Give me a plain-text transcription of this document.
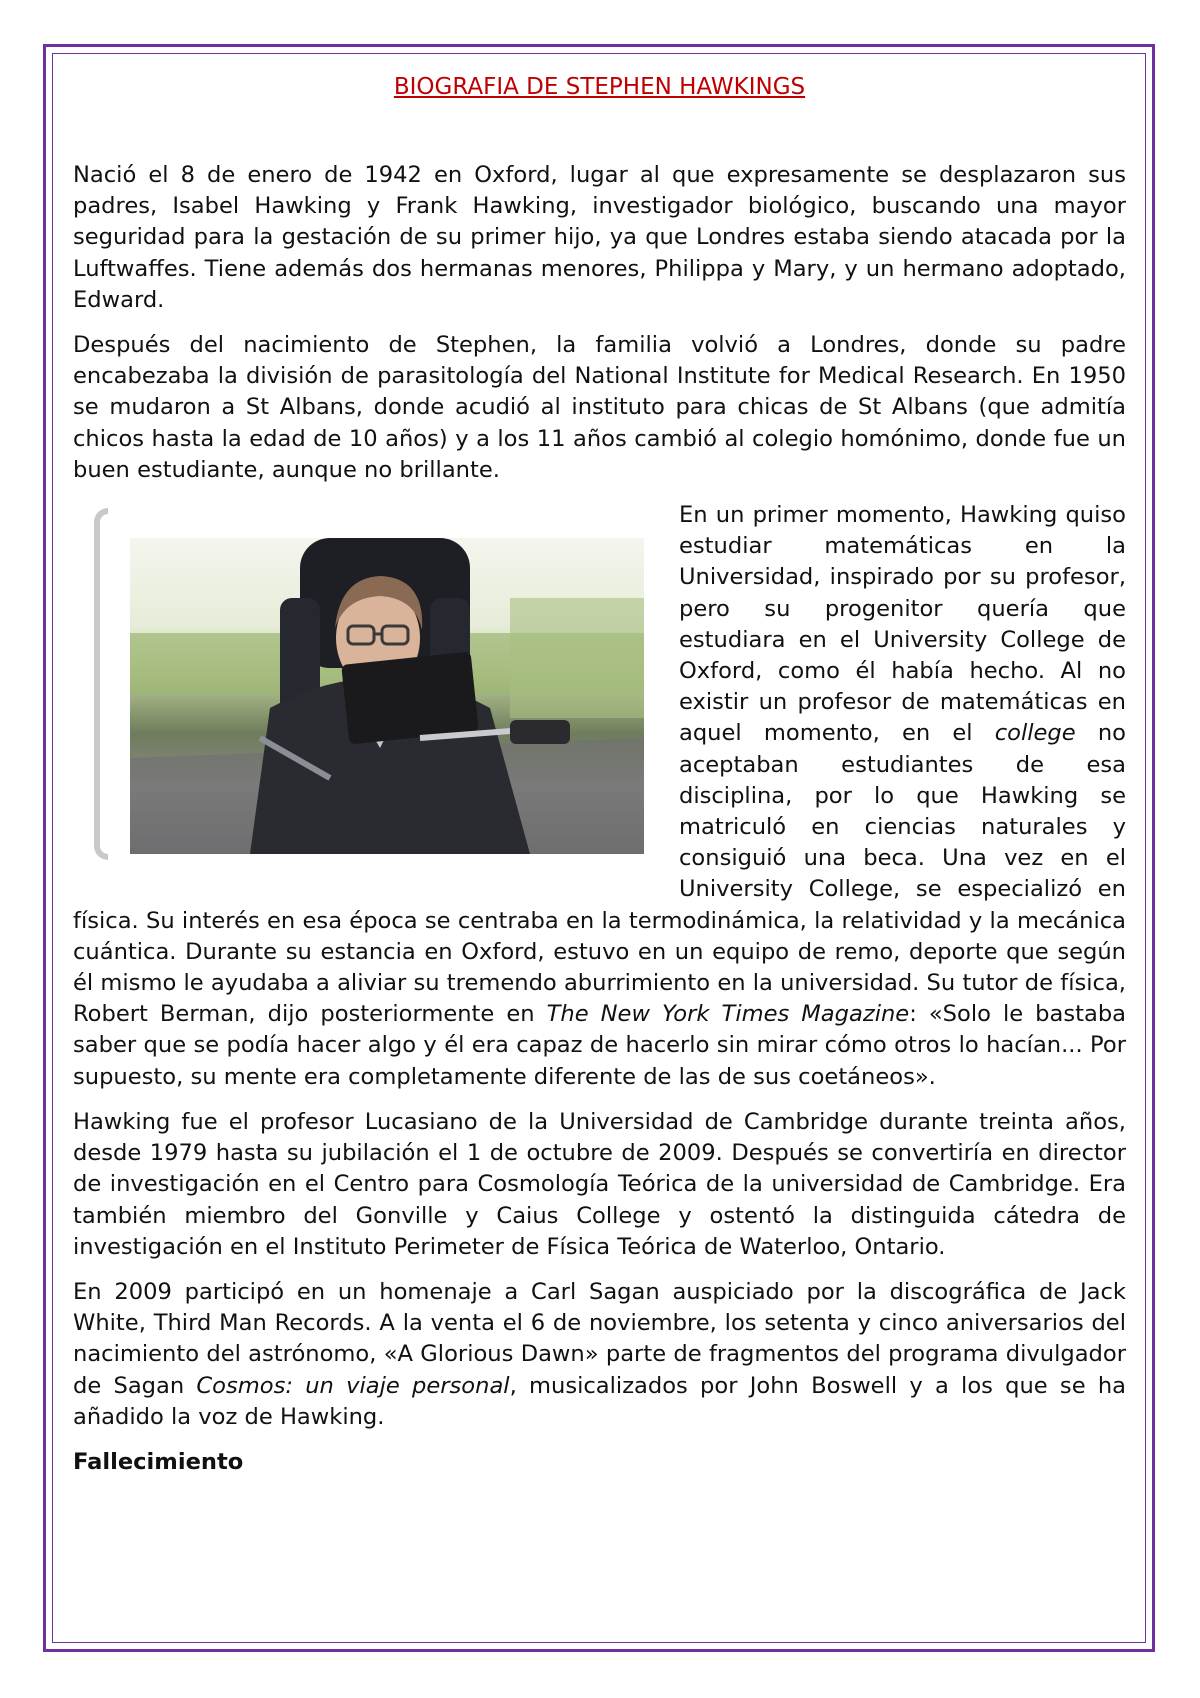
BIOGRAFIA DE STEPHEN HAWKINGS

Nació el 8 de enero de 1942 en Oxford, lugar al que expresamente se desplazaron sus padres, Isabel Hawking y Frank Hawking, investigador biológico, buscando una mayor seguridad para la gestación de su primer hijo, ya que Londres estaba siendo atacada por la Luftwaffes. Tiene además dos hermanas menores, Philippa y Mary, y un hermano adoptado, Edward.

Después del nacimiento de Stephen, la familia volvió a Londres, donde su padre encabezaba la división de parasitología del National Institute for Medical Research. En 1950 se mudaron a St Albans, donde acudió al instituto para chicas de St Albans (que admitía chicos hasta la edad de 10 años) y a los 11 años cambió al colegio homónimo, donde fue un buen estudiante, aunque no brillante.

En un primer momento, Hawking quiso estudiar matemáticas en la Universidad, inspirado por su profesor, pero su progenitor quería que estudiara en el University College de Oxford, como él había hecho. Al no existir un profesor de matemáticas en aquel momento, en el college no aceptaban estudiantes de esa disciplina, por lo que Hawking se matriculó en ciencias naturales y consiguió una beca. Una vez en el University College, se especializó en física. Su interés en esa época se centraba en la termodinámica, la relatividad y la mecánica cuántica. Durante su estancia en Oxford, estuvo en un equipo de remo, deporte que según él mismo le ayudaba a aliviar su tremendo aburrimiento en la universidad. Su tutor de física, Robert Berman, dijo posteriormente en The New York Times Magazine: «Solo le bastaba saber que se podía hacer algo y él era capaz de hacerlo sin mirar cómo otros lo hacían... Por supuesto, su mente era completamente diferente de las de sus coetáneos».

Hawking fue el profesor Lucasiano de la Universidad de Cambridge durante treinta años, desde 1979 hasta su jubilación el 1 de octubre de 2009. Después se convertiría en director de investigación en el Centro para Cosmología Teórica de la universidad de Cambridge. Era también miembro del Gonville y Caius College y ostentó la distinguida cátedra de investigación en el Instituto Perimeter de Física Teórica de Waterloo, Ontario.

En 2009 participó en un homenaje a Carl Sagan auspiciado por la discográfica de Jack White, Third Man Records. A la venta el 6 de noviembre, los setenta y cinco aniversarios del nacimiento del astrónomo, «A Glorious Dawn» parte de fragmentos del programa divulgador de Sagan Cosmos: un viaje personal, musicalizados por John Boswell y a los que se ha añadido la voz de Hawking.

Fallecimiento
